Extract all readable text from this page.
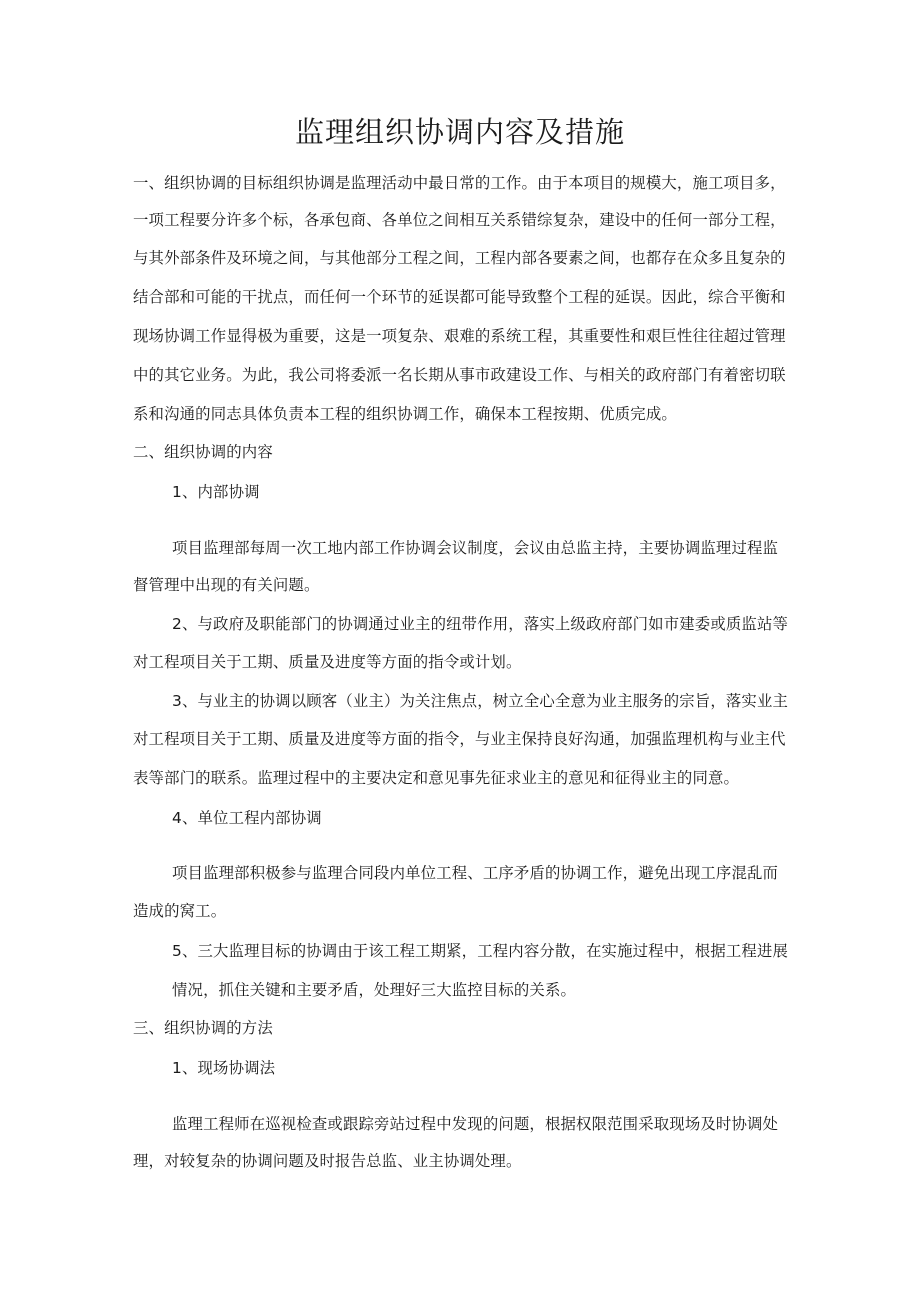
监理组织协调内容及措施
一、组织协调的目标组织协调是监理活动中最日常的工作。由于本项目的规模大，施工项目多，
一项工程要分许多个标，各承包商、各单位之间相互关系错综复杂，建设中的任何一部分工程，
与其外部条件及环境之间，与其他部分工程之间，工程内部各要素之间，也都存在众多且复杂的
结合部和可能的干扰点，而任何一个环节的延误都可能导致整个工程的延误。因此，综合平衡和
现场协调工作显得极为重要，这是一项复杂、艰难的系统工程，其重要性和艰巨性往往超过管理
中的其它业务。为此，我公司将委派一名长期从事市政建设工作、与相关的政府部门有着密切联
系和沟通的同志具体负责本工程的组织协调工作，确保本工程按期、优质完成。
二、组织协调的内容
1、内部协调
项目监理部每周一次工地内部工作协调会议制度，会议由总监主持，主要协调监理过程监
督管理中出现的有关问题。
2、与政府及职能部门的协调通过业主的纽带作用，落实上级政府部门如市建委或质监站等
对工程项目关于工期、质量及进度等方面的指令或计划。
3、与业主的协调以顾客（业主）为关注焦点，树立全心全意为业主服务的宗旨，落实业主
对工程项目关于工期、质量及进度等方面的指令，与业主保持良好沟通，加强监理机构与业主代
表等部门的联系。监理过程中的主要决定和意见事先征求业主的意见和征得业主的同意。
4、单位工程内部协调
项目监理部积极参与监理合同段内单位工程、工序矛盾的协调工作，避免出现工序混乱而
造成的窝工。
5、三大监理目标的协调由于该工程工期紧，工程内容分散，在实施过程中，根据工程进展
情况，抓住关键和主要矛盾，处理好三大监控目标的关系。
三、组织协调的方法
1、现场协调法
监理工程师在巡视检查或跟踪旁站过程中发现的问题，根据权限范围采取现场及时协调处
理，对较复杂的协调问题及时报告总监、业主协调处理。
